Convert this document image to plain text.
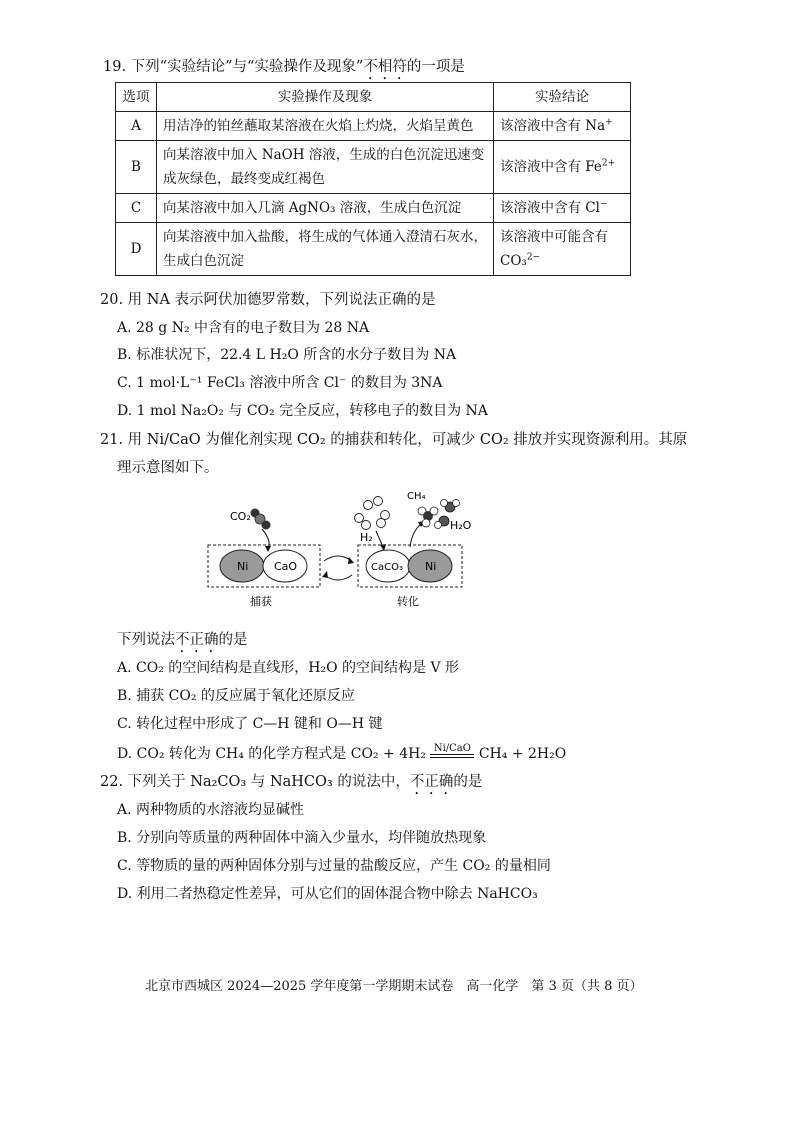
19. 下列“实验结论”与“实验操作及现象”不相符的一项是
选项	实验操作及现象	实验结论
A	用洁净的铂丝蘸取某溶液在火焰上灼烧，火焰呈黄色	该溶液中含有 Na+
B	向某溶液中加入 NaOH 溶液，生成的白色沉淀迅速变成灰绿色，最终变成红褐色	该溶液中含有 $Fe^{2+}$
C	向某溶液中加入几滴 AgNO₃ 溶液，生成白色沉淀	该溶液中含有 Cl−
D	向某溶液中加入盐酸，将生成的气体通入澄清石灰水，生成白色沉淀	该溶液中可能含有 CO₃$^{2-}$
20. 用 NA 表示阿伏加德罗常数，下列说法正确的是
A. 28 g N₂ 中含有的电子数目为 28 NA
B. 标准状况下，22.4 L H₂O 所含的水分子数目为 NA
C. 1 mol·L⁻¹ FeCl₃ 溶液中所含 Cl⁻ 的数目为 3NA
D. 1 mol Na₂O₂ 与 CO₂ 完全反应，转移电子的数目为 NA
21. 用 Ni/CaO 为催化剂实现 CO₂ 的捕获和转化，可减少 CO₂ 排放并实现资源利用。其原
理示意图如下。
CO₂
Ni CaO
捕获
H₂
CaCO₃ Ni
转化
CH₄
H₂O
下列说法不正确的是
A. CO₂ 的空间结构是直线形，H₂O 的空间结构是 V 形
B. 捕获 CO₂ 的反应属于氧化还原反应
C. 转化过程中形成了 C—H 键和 O—H 键
D. CO₂ 转化为 CH₄ 的化学方程式是 CO₂ + 4H₂ Ni/CaO CH₄ + 2H₂O
22. 下列关于 Na₂CO₃ 与 NaHCO₃ 的说法中，不正确的是
A. 两种物质的水溶液均显碱性
B. 分别向等质量的两种固体中滴入少量水，均伴随放热现象
C. 等物质的量的两种固体分别与过量的盐酸反应，产生 CO₂ 的量相同
D. 利用二者热稳定性差异，可从它们的固体混合物中除去 NaHCO₃
北京市西城区 2024—2025 学年度第一学期期末试卷　高一化学　第 3 页（共 8 页）
